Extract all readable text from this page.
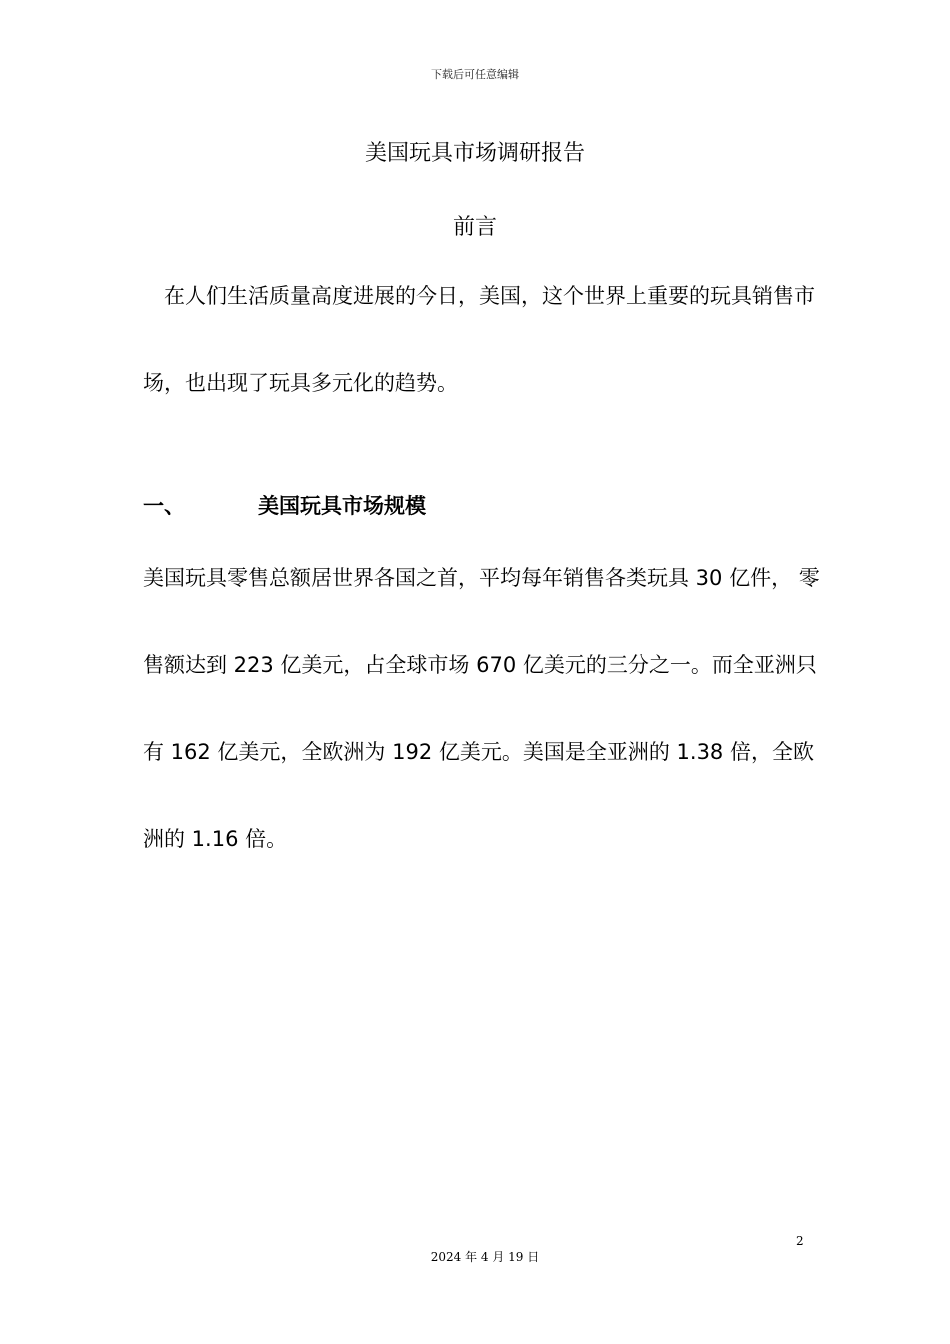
下载后可任意编辑
美国玩具市场调研报告
前言

在人们生活质量高度进展的今日，美国，这个世界上重要的玩具销售市场，也出现了玩具多元化的趋势。

一、	美国玩具市场规模

美国玩具零售总额居世界各国之首，平均每年销售各类玩具 30 亿件， 零售额达到 223 亿美元，占全球市场 670 亿美元的三分之一。而全亚洲只有 162 亿美元，全欧洲为 192 亿美元。美国是全亚洲的 1.38 倍，全欧洲的 1.16 倍。

2
2024 年 4 月 19 日
